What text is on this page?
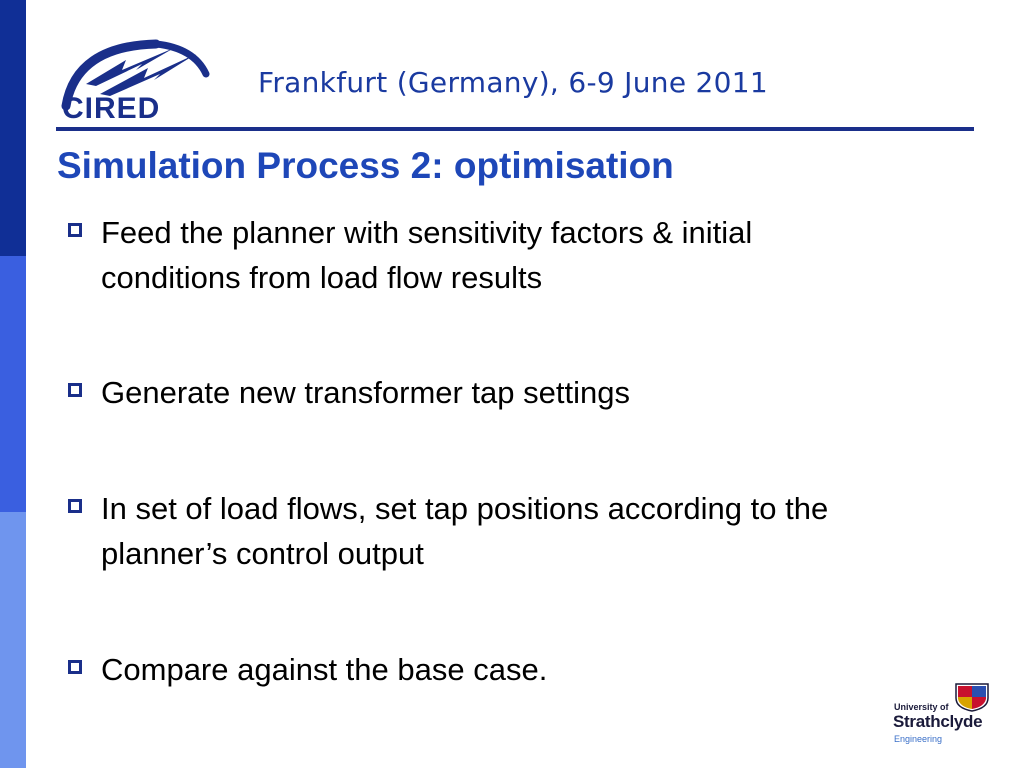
CIRED
Frankfurt (Germany), 6-9 June 2011
Simulation Process 2: optimisation
Feed the planner with sensitivity factors & initial conditions from load flow results
Generate new transformer tap settings
In set of load flows, set tap positions according to the planner’s control output
Compare against the base case.
University of
Strathclyde
Engineering
